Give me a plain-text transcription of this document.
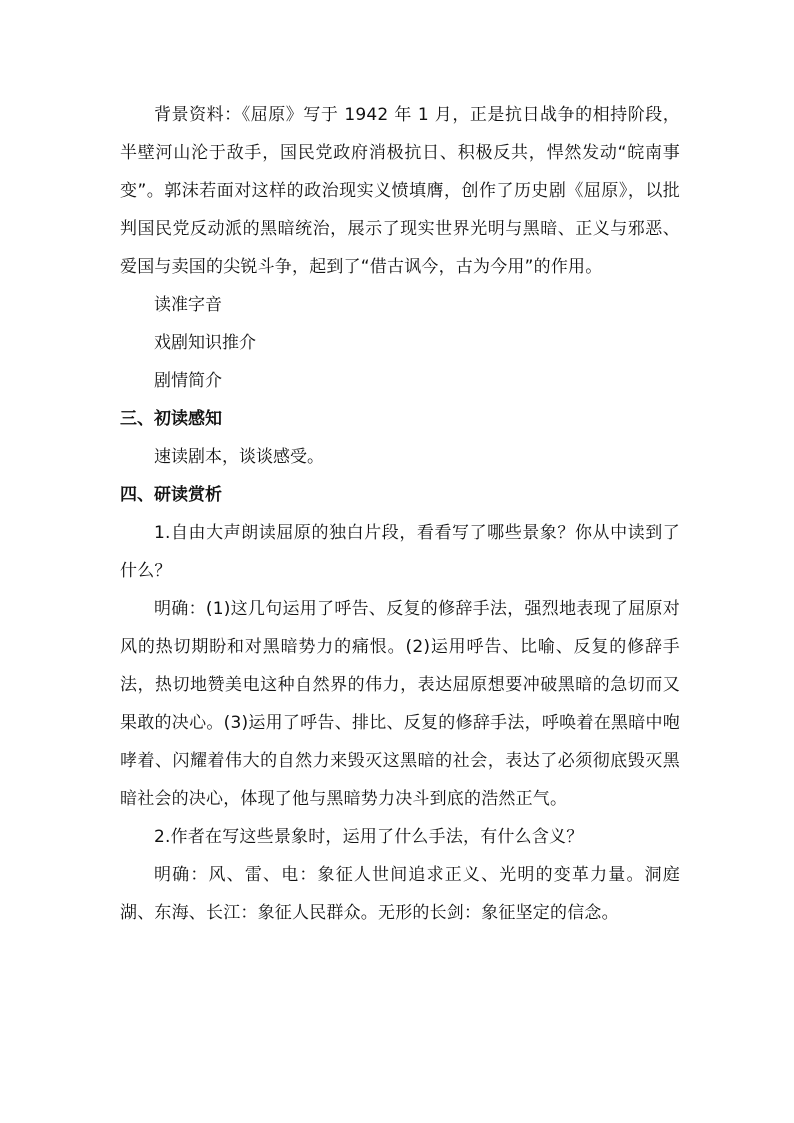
背景资料：《屈原》写于 1942 年 1 月，正是抗日战争的相持阶段，半壁河山沦于敌手，国民党政府消极抗日、积极反共，悍然发动“皖南事变”。郭沫若面对这样的政治现实义愤填膺，创作了历史剧《屈原》，以批判国民党反动派的黑暗统治，展示了现实世界光明与黑暗、正义与邪恶、爱国与卖国的尖锐斗争，起到了“借古讽今，古为今用”的作用。

读准字音

戏剧知识推介

剧情简介

三、初读感知

速读剧本，谈谈感受。

四、研读赏析

1.自由大声朗读屈原的独白片段，看看写了哪些景象？你从中读到了什么？

明确：(1)这几句运用了呼告、反复的修辞手法，强烈地表现了屈原对风的热切期盼和对黑暗势力的痛恨。(2)运用呼告、比喻、反复的修辞手法，热切地赞美电这种自然界的伟力，表达屈原想要冲破黑暗的急切而又果敢的决心。(3)运用了呼告、排比、反复的修辞手法，呼唤着在黑暗中咆哮着、闪耀着伟大的自然力来毁灭这黑暗的社会，表达了必须彻底毁灭黑暗社会的决心，体现了他与黑暗势力决斗到底的浩然正气。

2.作者在写这些景象时，运用了什么手法，有什么含义？

明确：风、雷、电：象征人世间追求正义、光明的变革力量。洞庭湖、东海、长江：象征人民群众。无形的长剑：象征坚定的信念。
